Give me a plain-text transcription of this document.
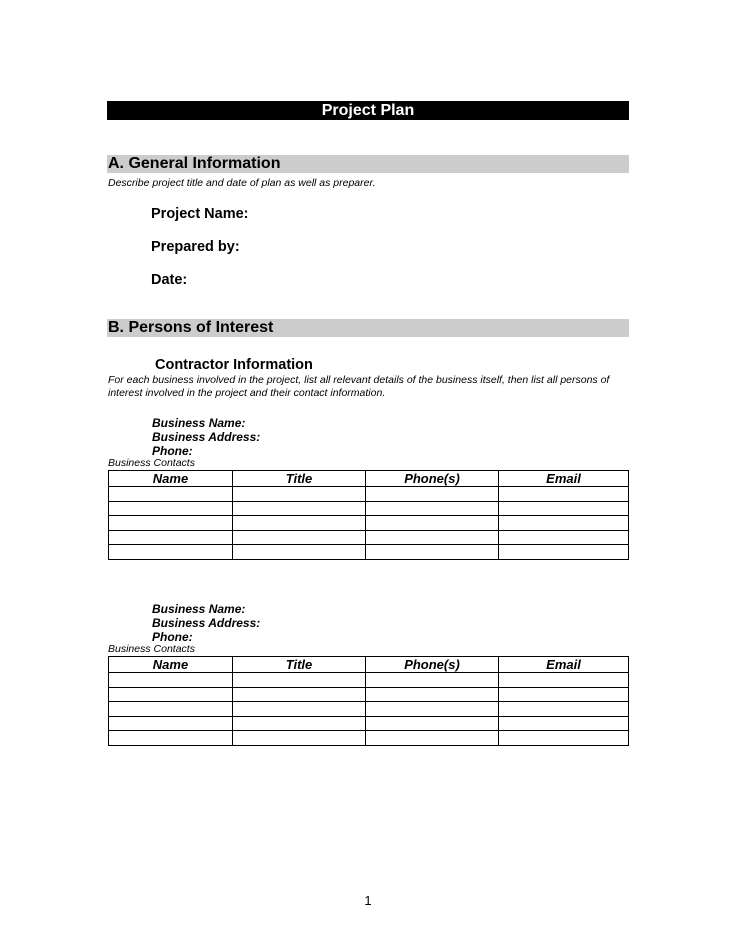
Project Plan
A. General Information
Describe project title and date of plan as well as preparer.
Project Name:
Prepared by:
Date:
B. Persons of Interest
Contractor Information
For each business involved in the project, list all relevant details of the business itself, then list all persons of
interest involved in the project and their contact information.
Business Name:
Business Address:
Phone:
Business Contacts
Name	Title	Phone(s)	Email

Business Name:
Business Address:
Phone:
Business Contacts
Name	Title	Phone(s)	Email

1
